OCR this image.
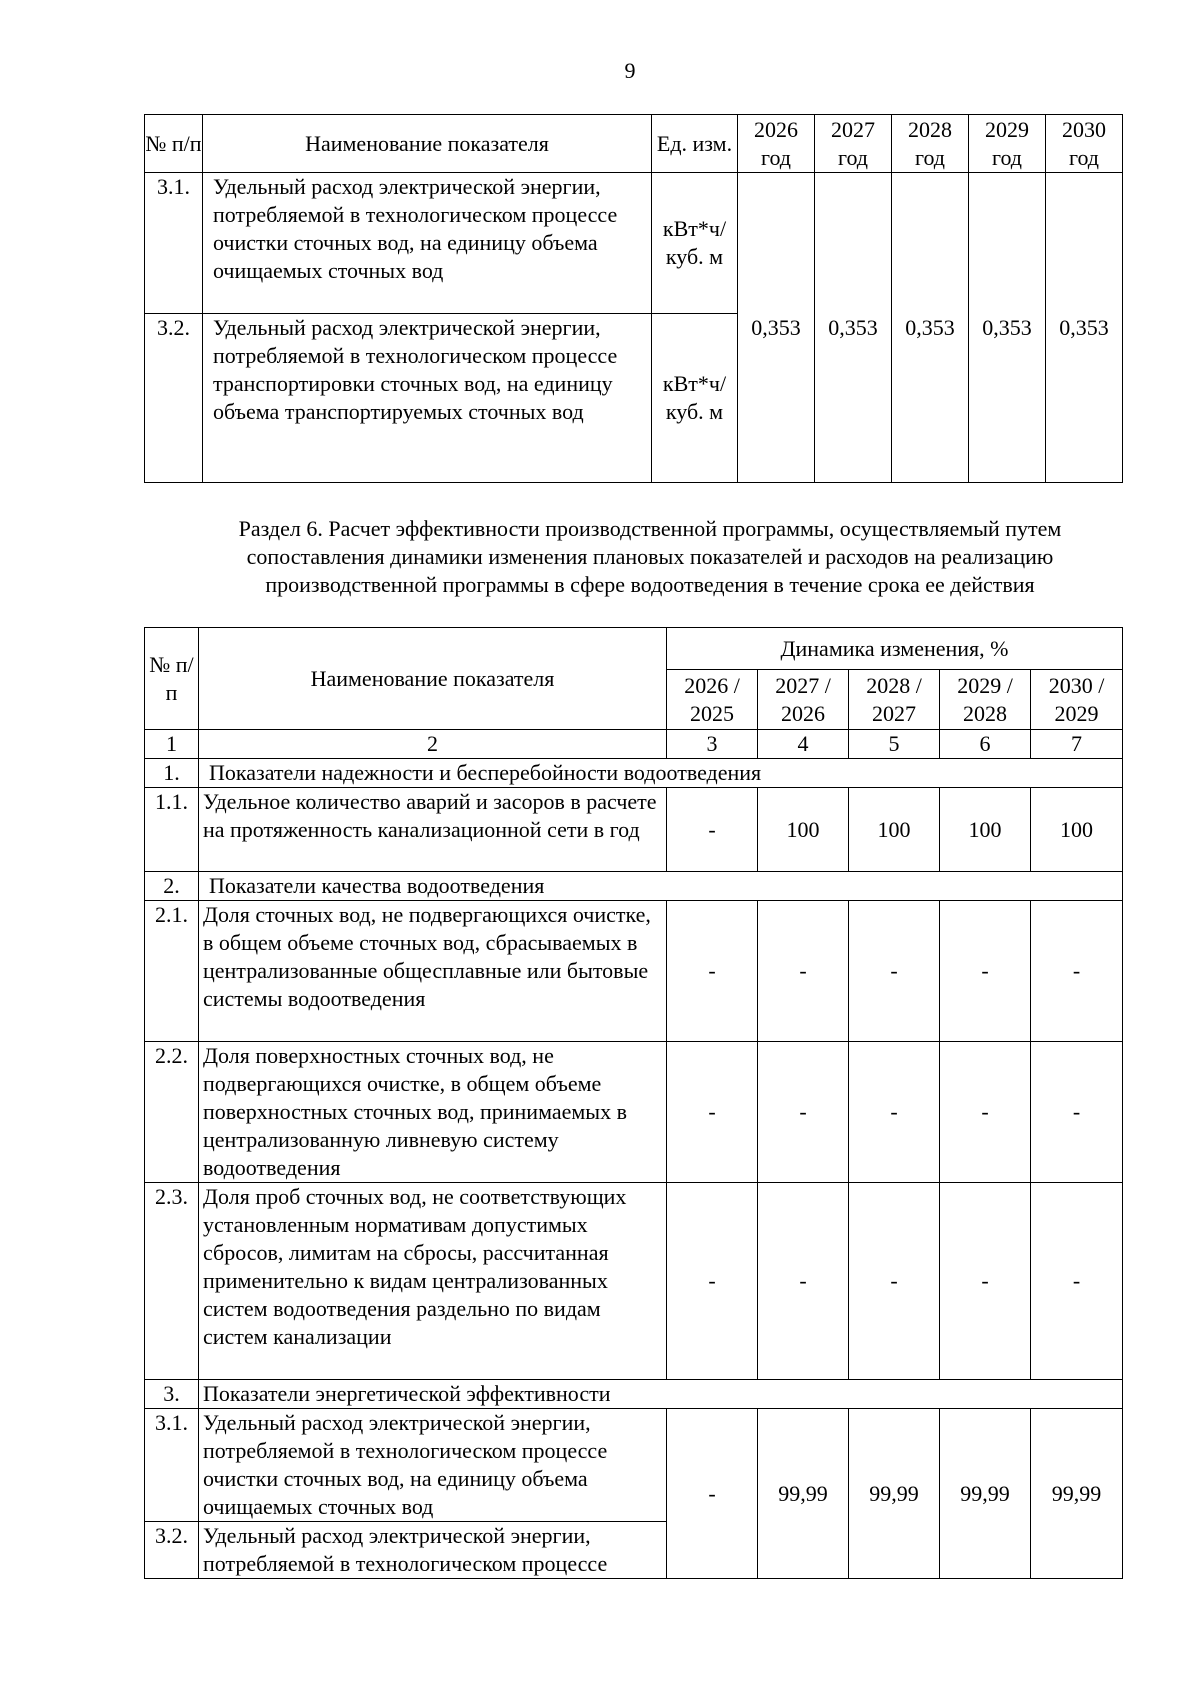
9
№ п/п	Наименование показателя	Ед. изм.	2026 год	2027 год	2028 год	2029 год	2030 год
3.1.	Удельный расход электрической энергии, потребляемой в технологическом процессе очистки сточных вод, на единицу объема очищаемых сточных вод	кВт*ч/ куб. м	0,353	0,353	0,353	0,353	0,353
3.2.	Удельный расход электрической энергии, потребляемой в технологическом процессе транспортировки сточных вод, на единицу объема транспортируемых сточных вод	кВт*ч/ куб. м					
Раздел 6. Расчет эффективности производственной программы, осуществляемый путем сопоставления динамики изменения плановых показателей и расходов на реализацию производственной программы в сфере водоотведения в течение срока ее действия
№ п/п	Наименование показателя	Динамика изменения, %				
		2026 / 2025	2027 / 2026	2028 / 2027	2029 / 2028	2030 / 2029
1	2	3	4	5	6	7
1.	Показатели надежности и бесперебойности водоотведения					
1.1.	Удельное количество аварий и засоров в расчете на протяженность канализационной сети в год	-	100	100	100	100
2.	Показатели качества водоотведения					
2.1.	Доля сточных вод, не подвергающихся очистке, в общем объеме сточных вод, сбрасываемых в централизованные общесплавные или бытовые системы водоотведения	-	-	-	-	-
2.2.	Доля поверхностных сточных вод, не подвергающихся очистке, в общем объеме поверхностных сточных вод, принимаемых в централизованную ливневую систему водоотведения	-	-	-	-	-
2.3.	Доля проб сточных вод, не соответствующих установленным нормативам допустимых сбросов, лимитам на сбросы, рассчитанная применительно к видам централизованных систем водоотведения раздельно по видам систем канализации	-	-	-	-	-
3.	Показатели энергетической эффективности					
3.1.	Удельный расход электрической энергии, потребляемой в технологическом процессе очистки сточных вод, на единицу объема очищаемых сточных вод	-	99,99	99,99	99,99	99,99
3.2.	Удельный расход электрической энергии, потребляемой в технологическом процессе					
